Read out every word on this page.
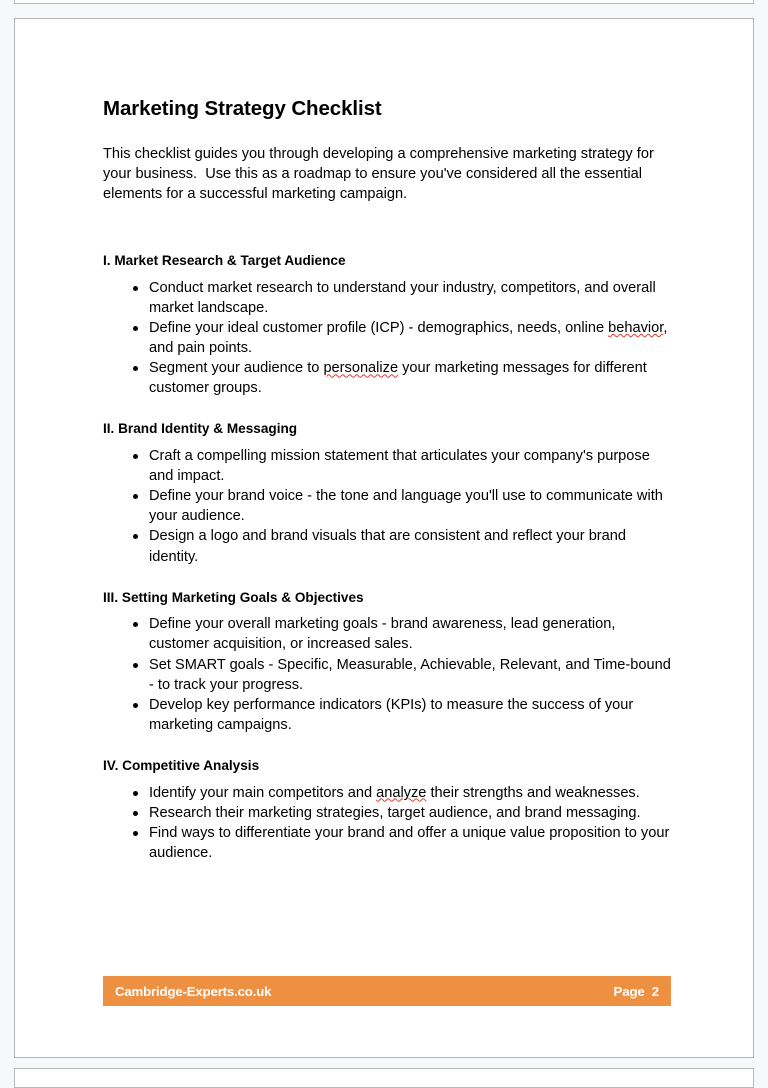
Marketing Strategy Checklist

This checklist guides you through developing a comprehensive marketing strategy for your business.  Use this as a roadmap to ensure you've considered all the essential elements for a successful marketing campaign.

I. Market Research & Target Audience
Conduct market research to understand your industry, competitors, and overall market landscape.
Define your ideal customer profile (ICP) - demographics, needs, online behavior, and pain points.
Segment your audience to personalize your marketing messages for different customer groups.
II. Brand Identity & Messaging
Craft a compelling mission statement that articulates your company's purpose and impact.
Define your brand voice - the tone and language you'll use to communicate with your audience.
Design a logo and brand visuals that are consistent and reflect your brand identity.
III. Setting Marketing Goals & Objectives
Define your overall marketing goals - brand awareness, lead generation, customer acquisition, or increased sales.
Set SMART goals - Specific, Measurable, Achievable, Relevant, and Time-bound - to track your progress.
Develop key performance indicators (KPIs) to measure the success of your marketing campaigns.
IV. Competitive Analysis
Identify your main competitors and analyze their strengths and weaknesses.
Research their marketing strategies, target audience, and brand messaging.
Find ways to differentiate your brand and offer a unique value proposition to your audience.
Cambridge-Experts.co.uk	Page  2
